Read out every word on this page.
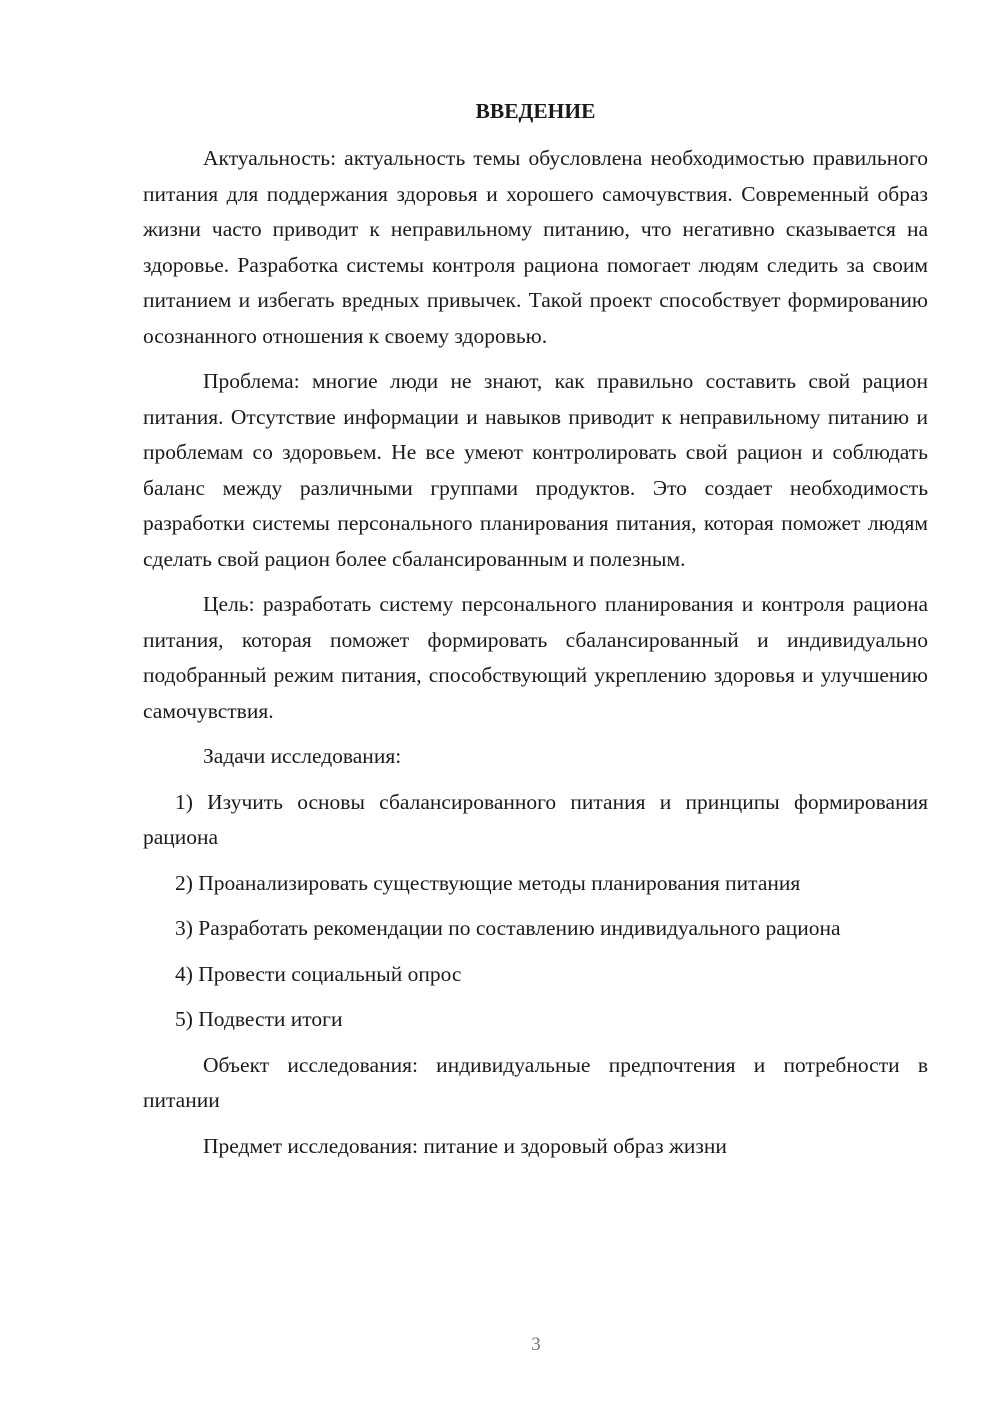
ВВЕДЕНИЕ

Актуальность: актуальность темы обусловлена необходимостью правильного питания для поддержания здоровья и хорошего самочувствия. Современный образ жизни часто приводит к неправильному питанию, что негативно сказывается на здоровье. Разработка системы контроля рациона помогает людям следить за своим питанием и избегать вредных привычек. Такой проект способствует формированию осознанного отношения к своему здоровью.

Проблема: многие люди не знают, как правильно составить свой рацион питания. Отсутствие информации и навыков приводит к неправильному питанию и проблемам со здоровьем. Не все умеют контролировать свой рацион и соблюдать баланс между различными группами продуктов. Это создает необходимость разработки системы персонального планирования питания, которая поможет людям сделать свой рацион более сбалансированным и полезным.

Цель: разработать систему персонального планирования и контроля рациона питания, которая поможет формировать сбалансированный и индивидуально подобранный режим питания, способствующий укреплению здоровья и улучшению самочувствия.

Задачи исследования:

1) Изучить основы сбалансированного питания и принципы формирования рациона

2) Проанализировать существующие методы планирования питания

3) Разработать рекомендации по составлению индивидуального рациона

4) Провести социальный опрос

5) Подвести итоги

Объект исследования: индивидуальные предпочтения и потребности в питании

Предмет исследования: питание и здоровый образ жизни

3
